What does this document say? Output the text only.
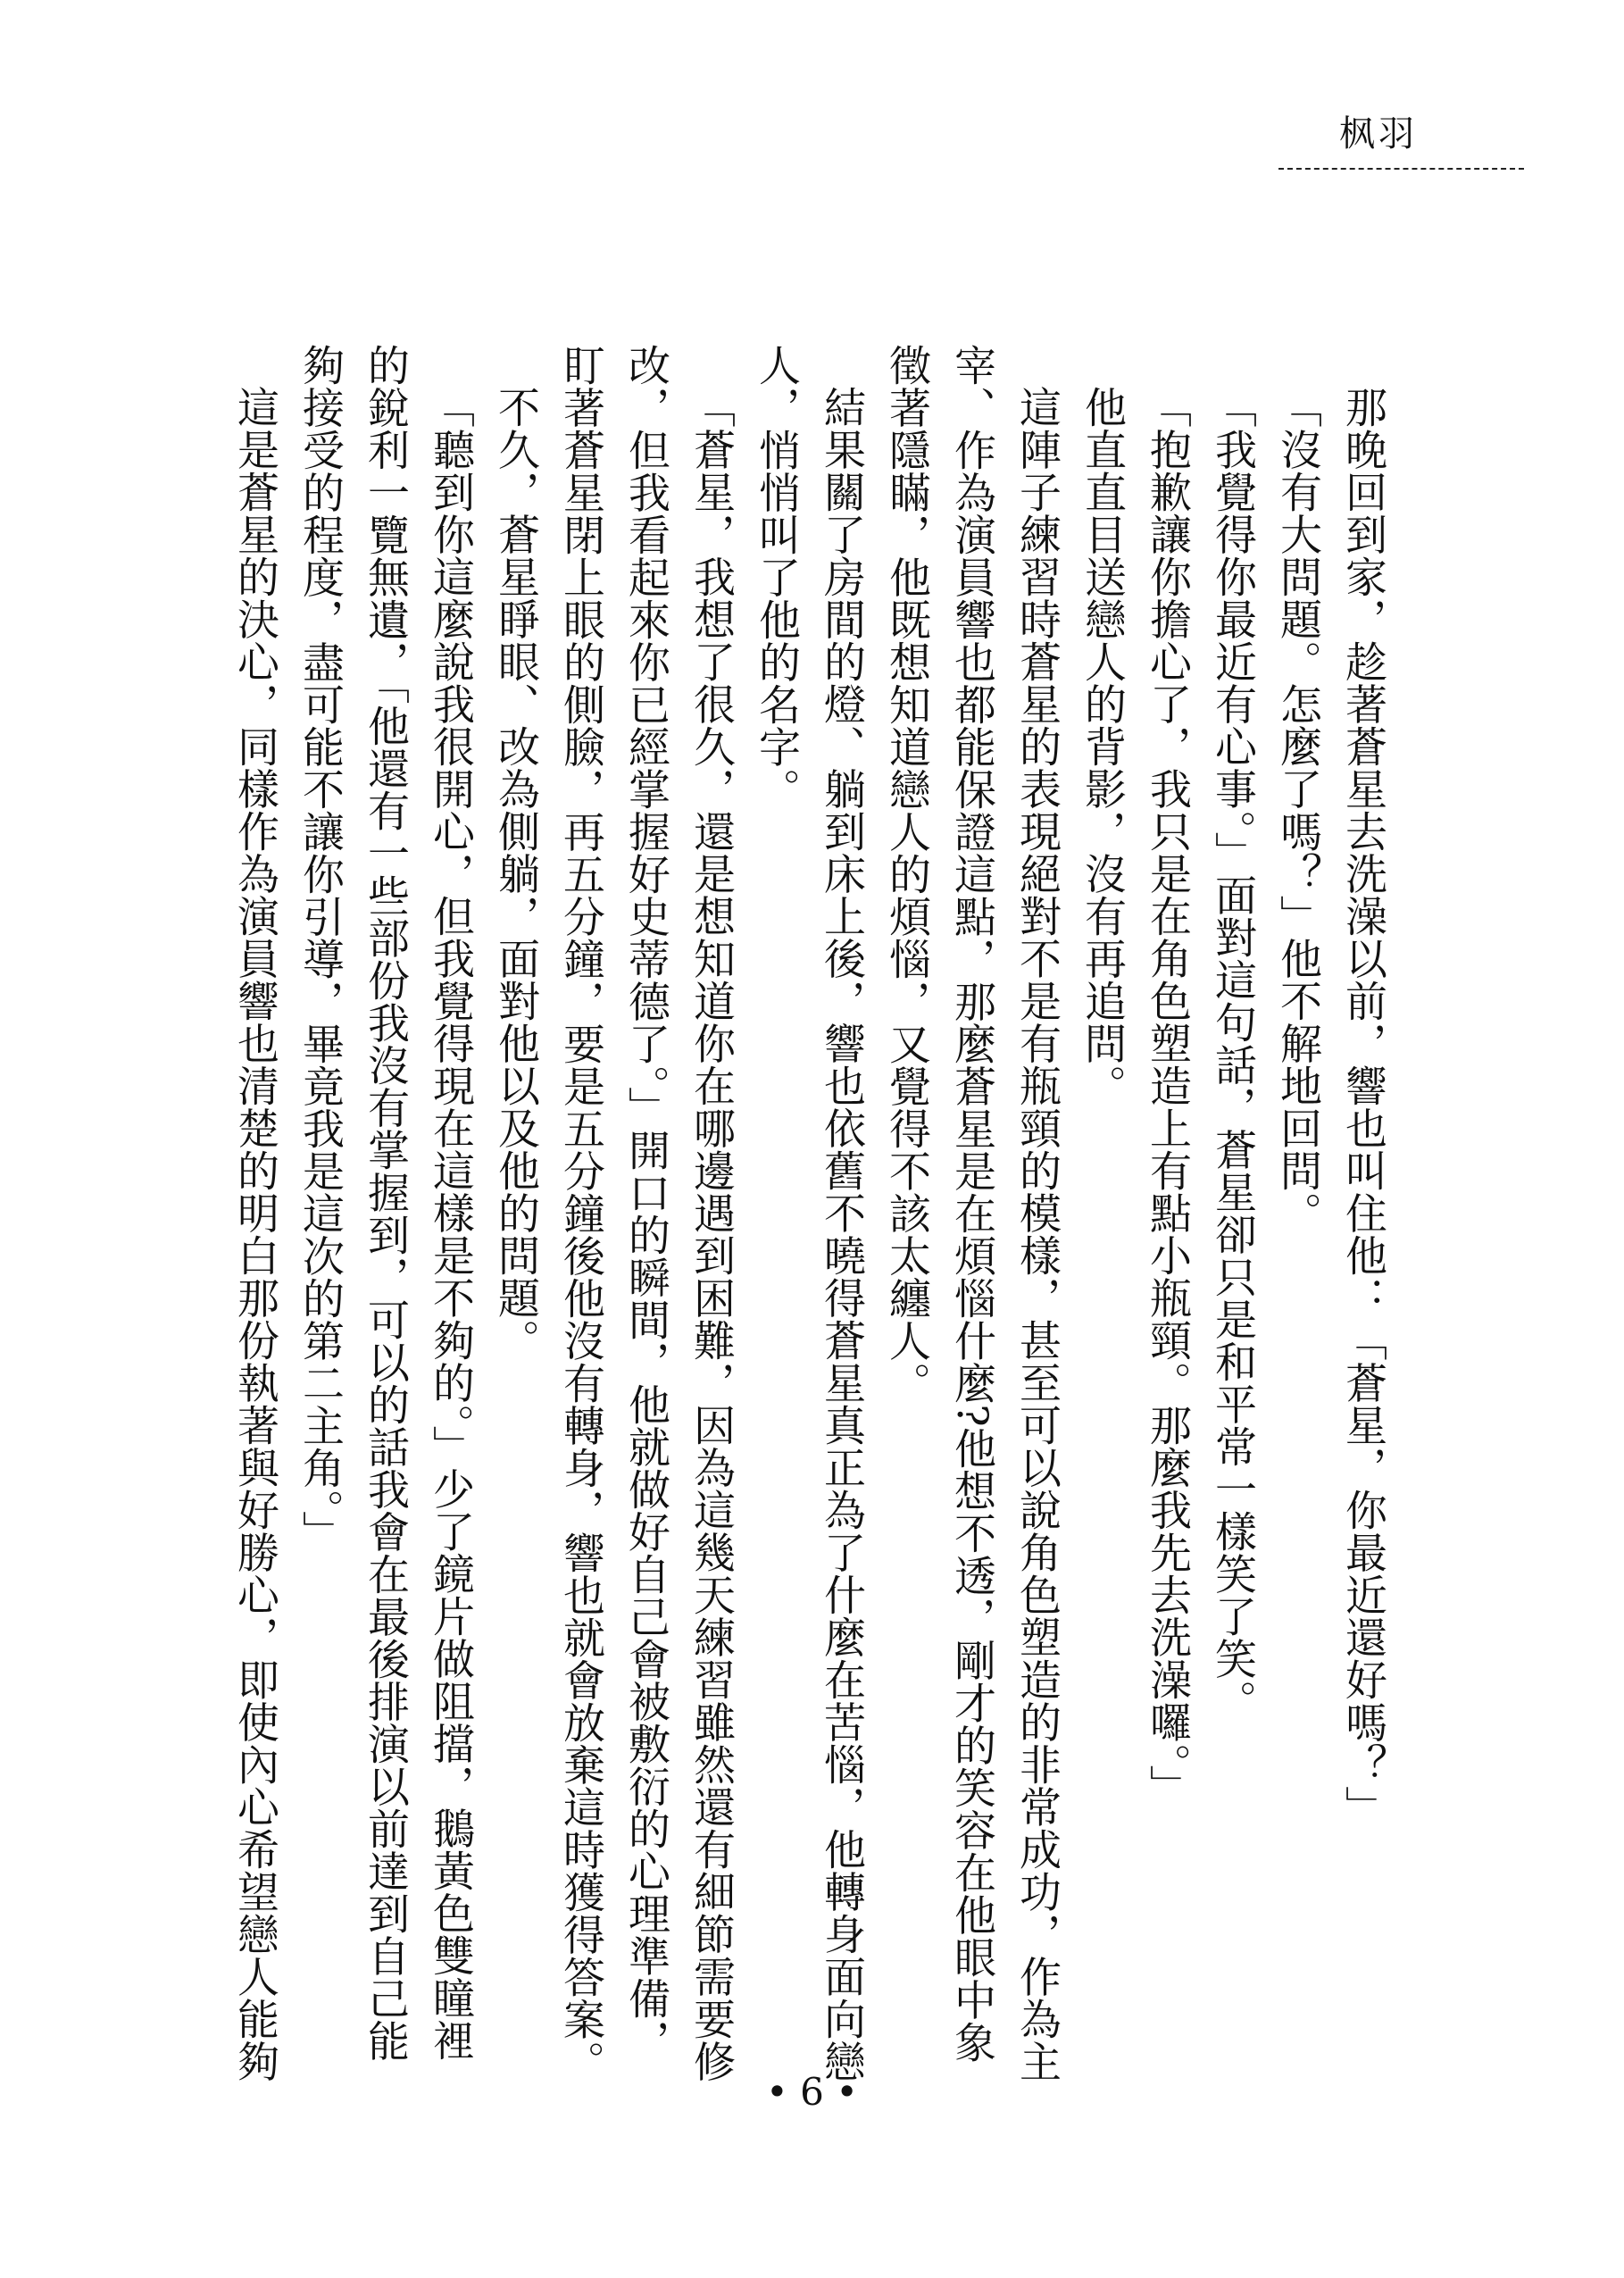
枫羽

那晚回到家，趁著蒼星去洗澡以前，響也叫住他：「蒼星，你最近還好嗎？」

「沒有大問題。怎麼了嗎？」他不解地回問。

「我覺得你最近有心事。」面對這句話，蒼星卻只是和平常一樣笑了笑。

「抱歉讓你擔心了，我只是在角色塑造上有點小瓶頸。那麼我先去洗澡囉。」

他直直目送戀人的背影，沒有再追問。

這陣子練習時蒼星的表現絕對不是有瓶頸的模樣，甚至可以說角色塑造的非常成功，作為主宰、作為演員響也都能保證這點，那麼蒼星是在煩惱什麼?他想不透，剛才的笑容在他眼中象徵著隱瞞，他既想知道戀人的煩惱，又覺得不該太纏人。

結果關了房間的燈、躺到床上後，響也依舊不曉得蒼星真正為了什麼在苦惱，他轉身面向戀人，悄悄叫了他的名字。

「蒼星，我想了很久，還是想知道你在哪邊遇到困難，因為這幾天練習雖然還有細節需要修改，但我看起來你已經掌握好史蒂德了。」開口的瞬間，他就做好自己會被敷衍的心理準備，盯著蒼星閉上眼的側臉，再五分鐘，要是五分鐘後他沒有轉身，響也就會放棄這時獲得答案。

不久，蒼星睜眼、改為側躺，面對他以及他的問題。

「聽到你這麼說我很開心，但我覺得現在這樣是不夠的。」少了鏡片做阻擋，鵝黃色雙瞳裡的銳利一覽無遺，「他還有一些部份我沒有掌握到，可以的話我會在最後排演以前達到自己能夠接受的程度，盡可能不讓你引導，畢竟我是這次的第二主角。」

這是蒼星的決心，同樣作為演員響也清楚的明白那份執著與好勝心，即使內心希望戀人能夠

• 6 •
